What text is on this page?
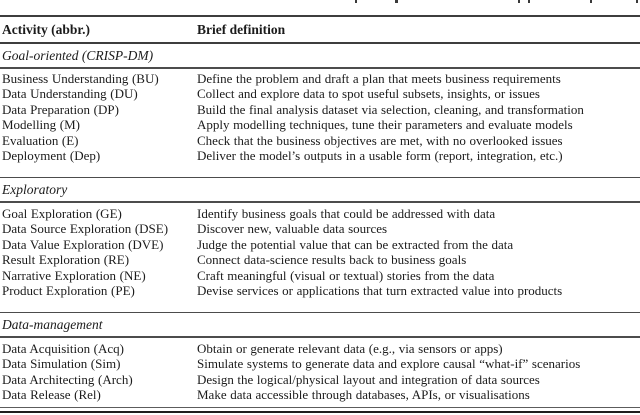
Activity (abbr.)	Brief definition
Goal-oriented (CRISP-DM)
Business Understanding (BU)	Define the problem and draft a plan that meets business requirements
Data Understanding (DU)	Collect and explore data to spot useful subsets, insights, or issues
Data Preparation (DP)	Build the final analysis dataset via selection, cleaning, and transformation
Modelling (M)	Apply modelling techniques, tune their parameters and evaluate models
Evaluation (E)	Check that the business objectives are met, with no overlooked issues
Deployment (Dep)	Deliver the model’s outputs in a usable form (report, integration, etc.)
Exploratory
Goal Exploration (GE)	Identify business goals that could be addressed with data
Data Source Exploration (DSE)	Discover new, valuable data sources
Data Value Exploration (DVE)	Judge the potential value that can be extracted from the data
Result Exploration (RE)	Connect data-science results back to business goals
Narrative Exploration (NE)	Craft meaningful (visual or textual) stories from the data
Product Exploration (PE)	Devise services or applications that turn extracted value into products
Data-management
Data Acquisition (Acq)	Obtain or generate relevant data (e.g., via sensors or apps)
Data Simulation (Sim)	Simulate systems to generate data and explore causal “what-if” scenarios
Data Architecting (Arch)	Design the logical/physical layout and integration of data sources
Data Release (Rel)	Make data accessible through databases, APIs, or visualisations
